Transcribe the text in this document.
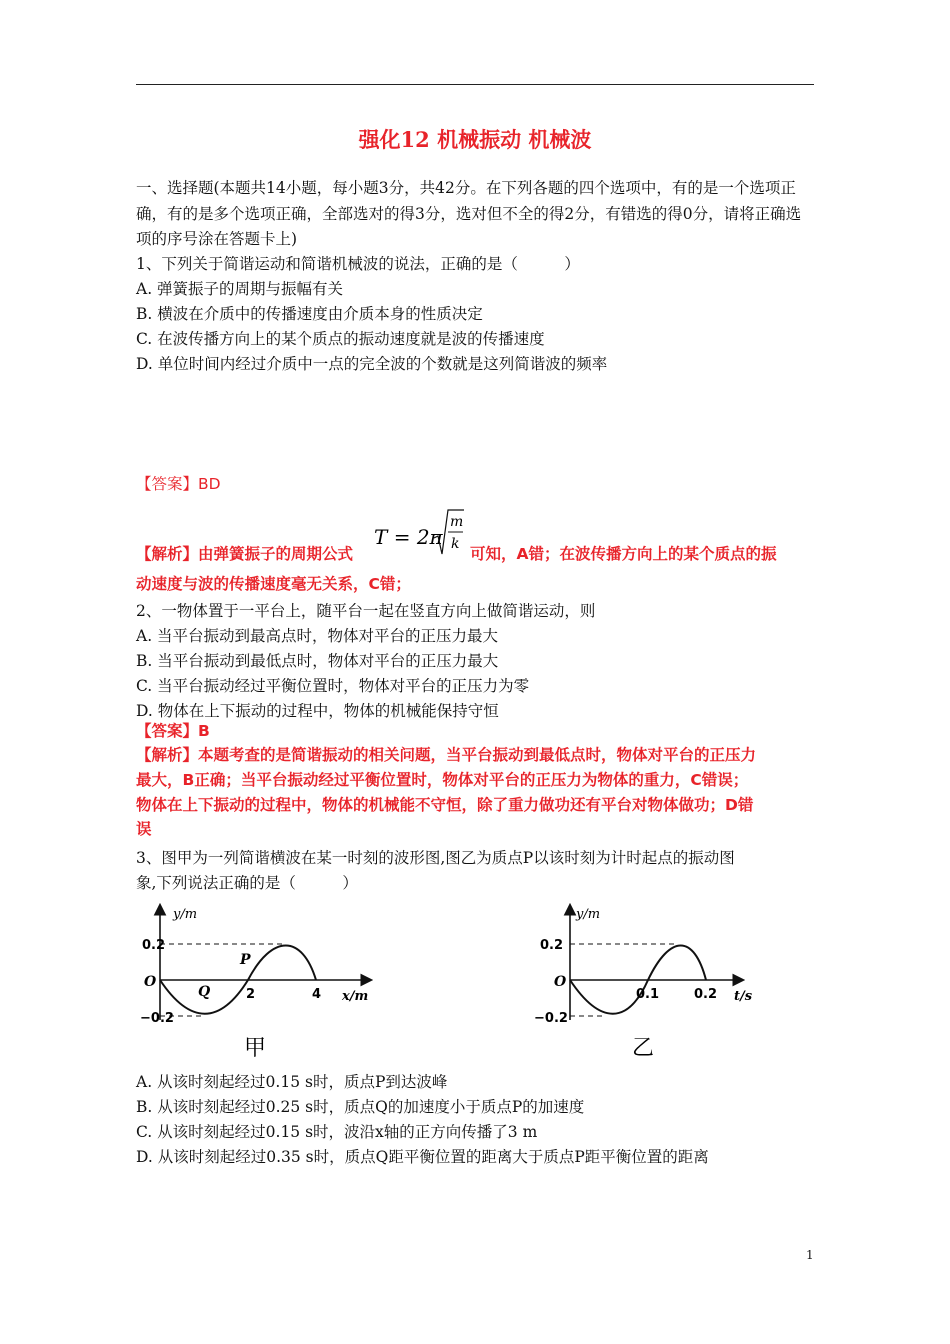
强化12 机械振动 机械波
一、选择题(本题共14小题，每小题3分，共42分。在下列各题的四个选项中，有的是一个选项正确，有的是多个选项正确，全部选对的得3分，选对但不全的得2分，有错选的得0分，请将正确选项的序号涂在答题卡上)
1、下列关于简谐运动和简谐机械波的说法，正确的是（　　　）
A. 弹簧振子的周期与振幅有关
B. 横波在介质中的传播速度由介质本身的性质决定
C. 在波传播方向上的某个质点的振动速度就是波的传播速度
D. 单位时间内经过介质中一点的完全波的个数就是这列简谐波的频率
【答案】BD
T = 2π
m
k
【解析】由弹簧振子的周期公式	可知，A错；在波传播方向上的某个质点的振
动速度与波的传播速度毫无关系，C错；
2、一物体置于一平台上，随平台一起在竖直方向上做简谐运动，则
A. 当平台振动到最高点时，物体对平台的正压力最大
B. 当平台振动到最低点时，物体对平台的正压力最大
C. 当平台振动经过平衡位置时，物体对平台的正压力为零
D. 物体在上下振动的过程中，物体的机械能保持守恒
【答案】B
【解析】本题考查的是简谐振动的相关问题，当平台振动到最低点时，物体对平台的正压力
最大，B正确；当平台振动经过平衡位置时，物体对平台的正压力为物体的重力，C错误；
物体在上下振动的过程中，物体的机械能不守恒，除了重力做功还有平台对物体做功；D错
误
3、图甲为一列简谐横波在某一时刻的波形图,图乙为质点P以该时刻为计时起点的振动图
象,下列说法正确的是（　　　）
y/m
0.2
−0.2
O
P
Q	2	4 x/m
甲
y/m
0.2
−0.2
O
0.1	0.2 t/s
乙
A. 从该时刻起经过0.15 s时，质点P到达波峰
B. 从该时刻起经过0.25 s时，质点Q的加速度小于质点P的加速度
C. 从该时刻起经过0.15 s时，波沿x轴的正方向传播了3 m
D. 从该时刻起经过0.35 s时，质点Q距平衡位置的距离大于质点P距平衡位置的距离
1
